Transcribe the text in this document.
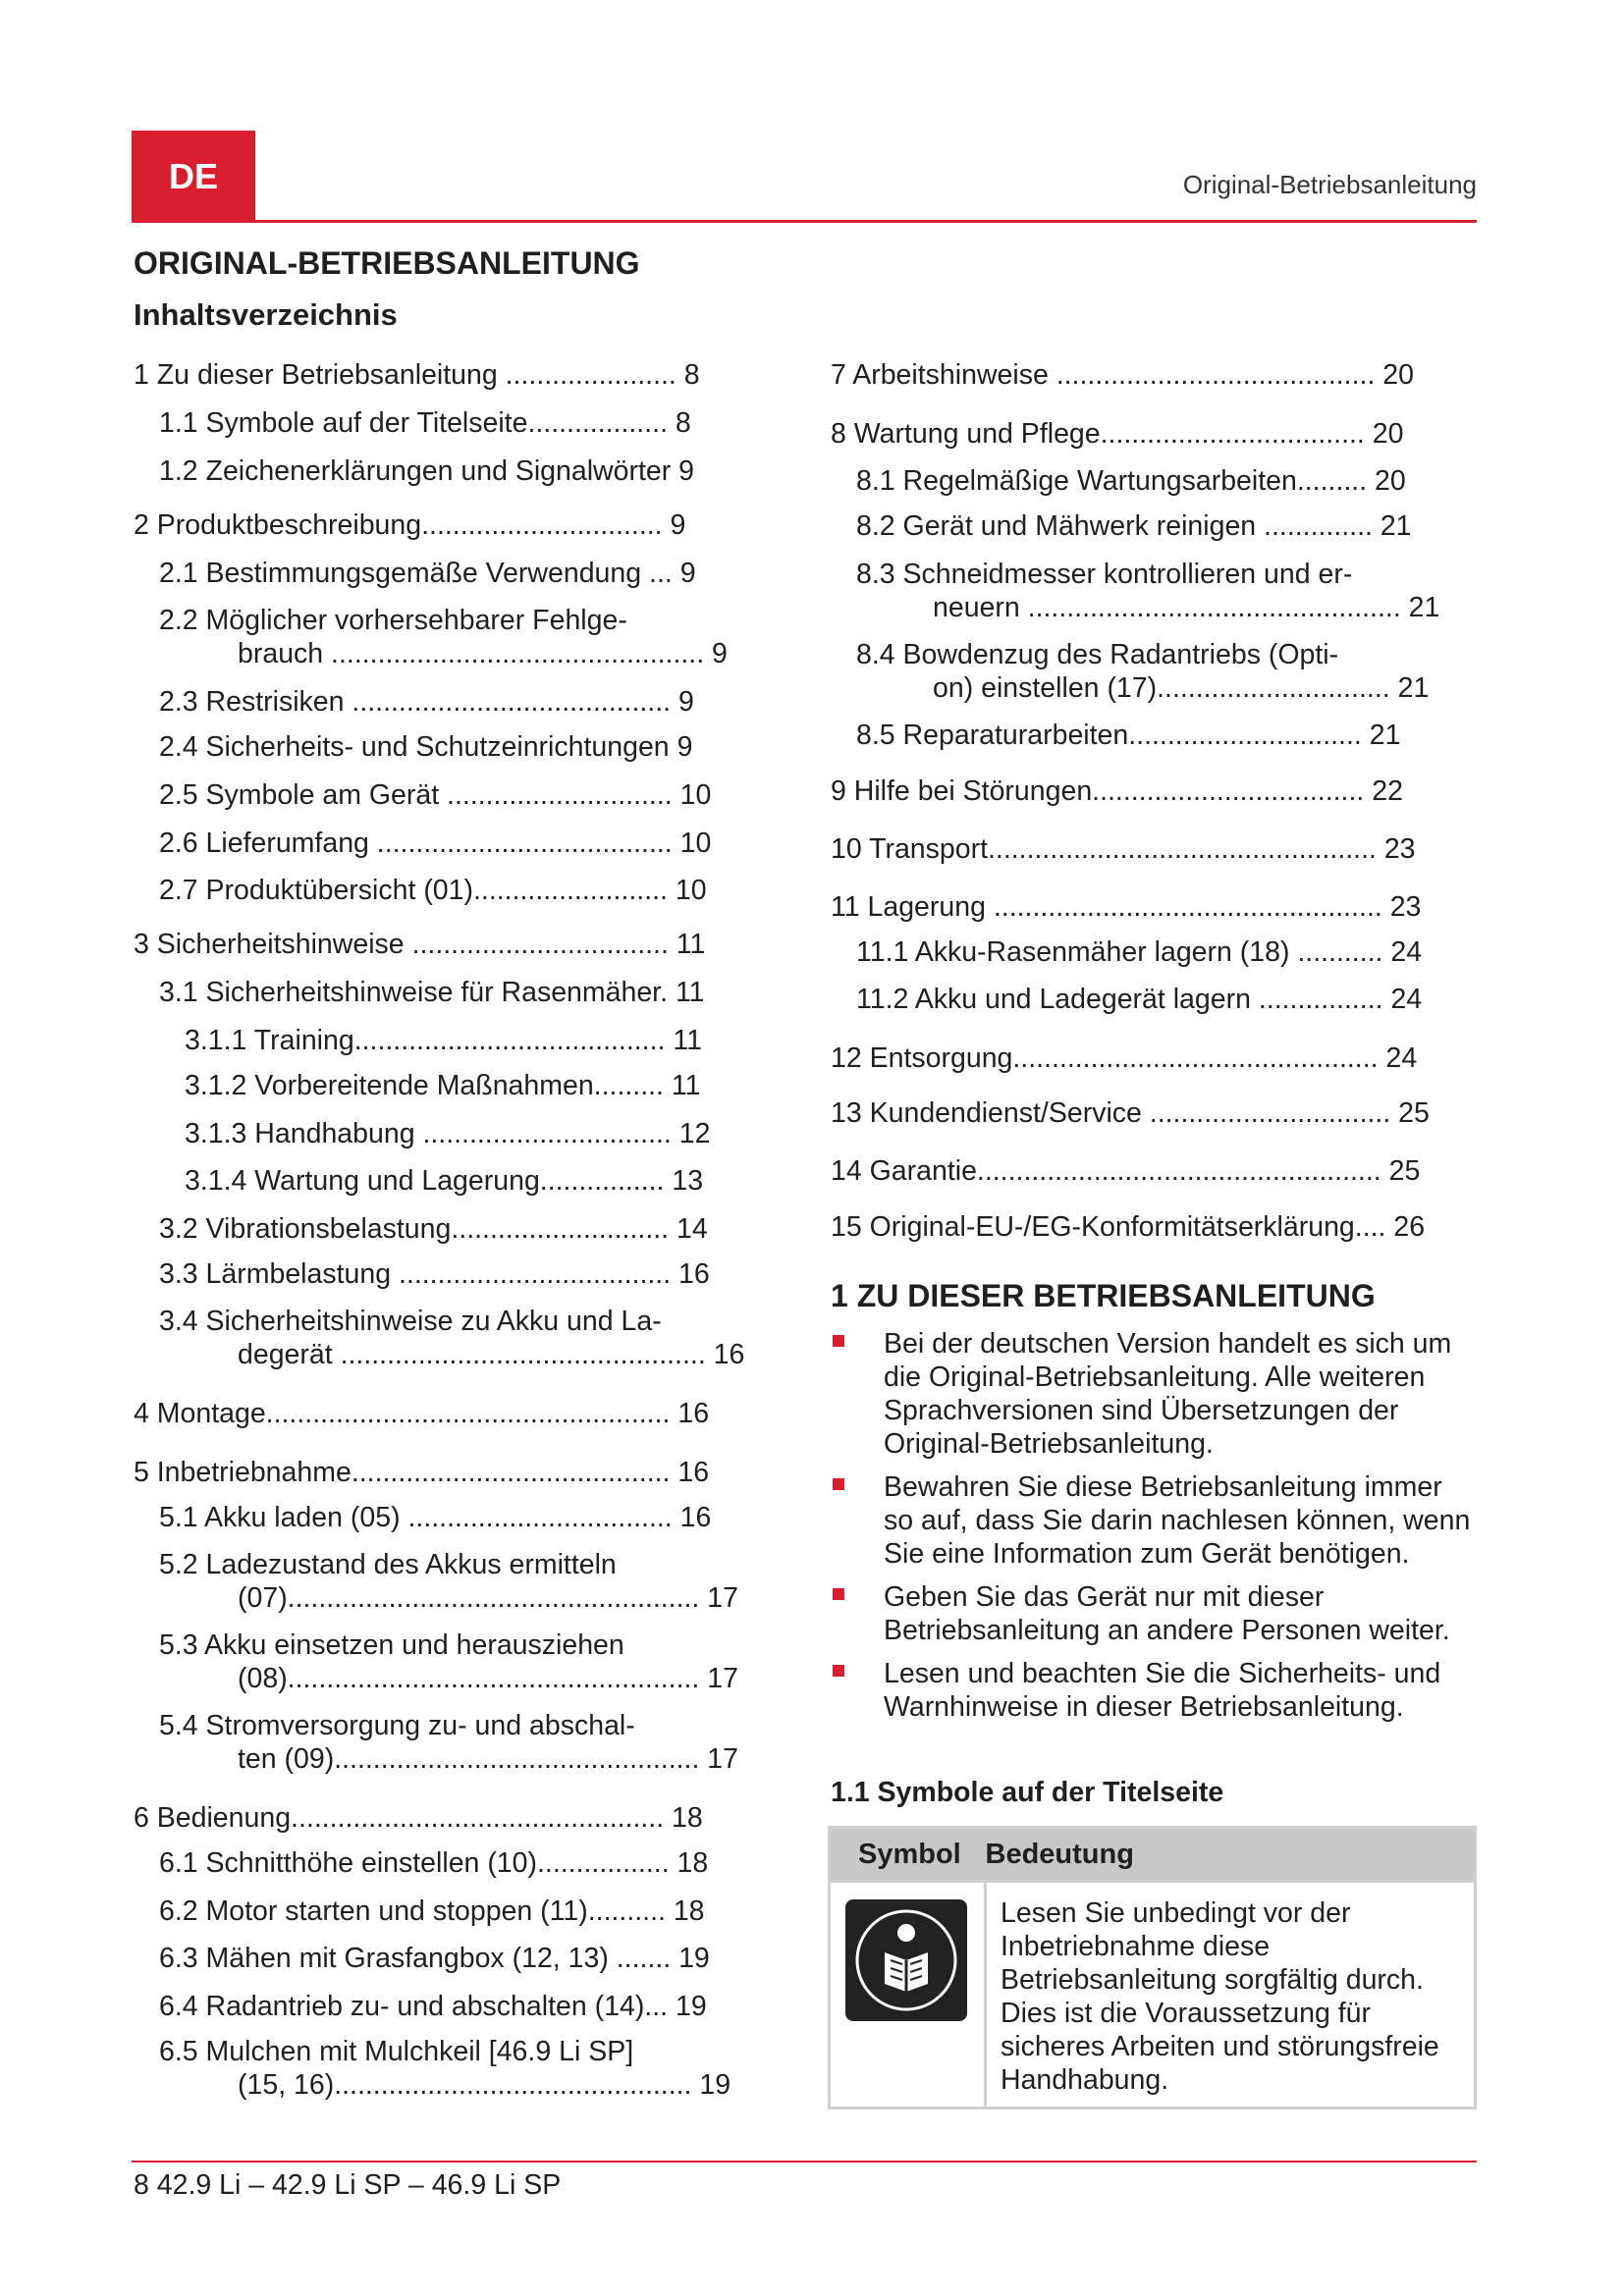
DE	Original-Betriebsanleitung
ORIGINAL-BETRIEBSANLEITUNG
Inhaltsverzeichnis
1 Zu dieser Betriebsanleitung ...................... 8
1.1 Symbole auf der Titelseite.................. 8
1.2 Zeichenerklärungen und Signalwörter 9
2 Produktbeschreibung............................... 9
2.1 Bestimmungsgemäße Verwendung ... 9
2.2 Möglicher vorhersehbarer Fehlge-
brauch ................................................ 9
2.3 Restrisiken ......................................... 9
2.4 Sicherheits- und Schutzeinrichtungen 9
2.5 Symbole am Gerät ............................. 10
2.6 Lieferumfang ...................................... 10
2.7 Produktübersicht (01)......................... 10
3 Sicherheitshinweise ................................. 11
3.1 Sicherheitshinweise für Rasenmäher. 11
3.1.1 Training........................................ 11
3.1.2 Vorbereitende Maßnahmen......... 11
3.1.3 Handhabung ................................ 12
3.1.4 Wartung und Lagerung................ 13
3.2 Vibrationsbelastung............................ 14
3.3 Lärmbelastung ................................... 16
3.4 Sicherheitshinweise zu Akku und La-
degerät ............................................... 16
4 Montage.................................................... 16
5 Inbetriebnahme......................................... 16
5.1 Akku laden (05) .................................. 16
5.2 Ladezustand des Akkus ermitteln
(07)..................................................... 17
5.3 Akku einsetzen und herausziehen
(08)..................................................... 17
5.4 Stromversorgung zu- und abschal-
ten (09)............................................... 17
6 Bedienung................................................ 18
6.1 Schnitthöhe einstellen (10)................. 18
6.2 Motor starten und stoppen (11).......... 18
6.3 Mähen mit Grasfangbox (12, 13) ....... 19
6.4 Radantrieb zu- und abschalten (14)... 19
6.5 Mulchen mit Mulchkeil [46.9 Li SP]
(15, 16).............................................. 19
7 Arbeitshinweise ......................................... 20
8 Wartung und Pflege.................................. 20
8.1 Regelmäßige Wartungsarbeiten......... 20
8.2 Gerät und Mähwerk reinigen .............. 21
8.3 Schneidmesser kontrollieren und er-
neuern ................................................ 21
8.4 Bowdenzug des Radantriebs (Opti-
on) einstellen (17).............................. 21
8.5 Reparaturarbeiten.............................. 21
9 Hilfe bei Störungen................................... 22
10 Transport.................................................. 23
11 Lagerung .................................................. 23
11.1 Akku-Rasenmäher lagern (18) ........... 24
11.2 Akku und Ladegerät lagern ................ 24
12 Entsorgung............................................... 24
13 Kundendienst/Service ............................... 25
14 Garantie.................................................... 25
15 Original-EU-/EG-Konformitätserklärung.... 26
1 ZU DIESER BETRIEBSANLEITUNG
Bei der deutschen Version handelt es sich um die Original-Betriebsanleitung. Alle weiteren Sprachversionen sind Übersetzungen der Original-Betriebsanleitung.
Bewahren Sie diese Betriebsanleitung immer so auf, dass Sie darin nachlesen können, wenn Sie eine Information zum Gerät benötigen.
Geben Sie das Gerät nur mit dieser Betriebsanleitung an andere Personen weiter.
Lesen und beachten Sie die Sicherheits- und Warnhinweise in dieser Betriebsanleitung.
1.1 Symbole auf der Titelseite
Symbol	Bedeutung

	Lesen Sie unbedingt vor der Inbetriebnahme diese Betriebsanleitung sorgfältig durch. Dies ist die Voraussetzung für sicheres Arbeiten und störungsfreie Handhabung.
8 42.9 Li – 42.9 Li SP – 46.9 Li SP
